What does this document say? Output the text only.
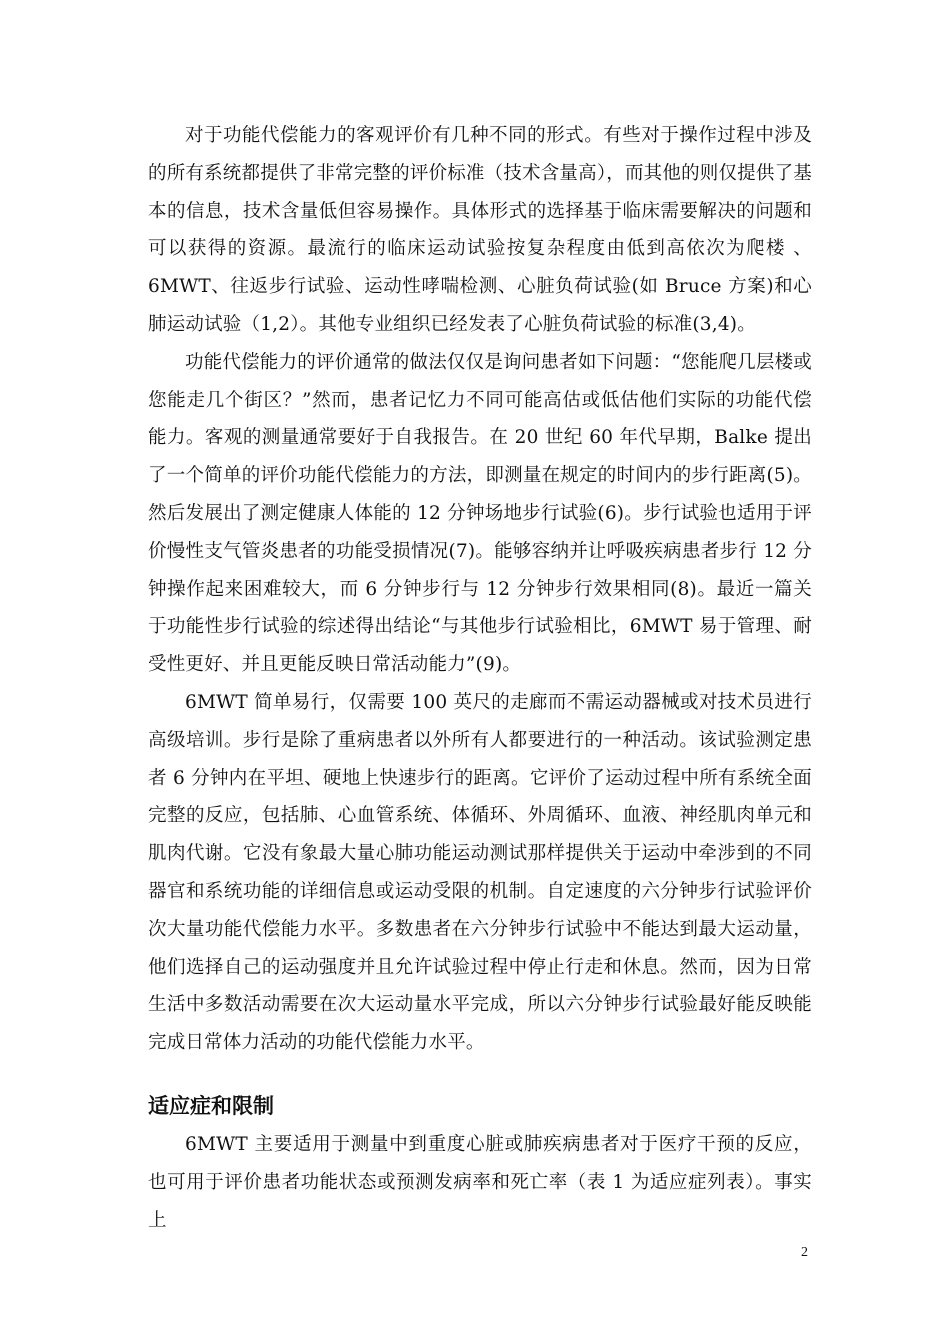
对于功能代偿能力的客观评价有几种不同的形式。有些对于操作过程中涉及的所有系统都提供了非常完整的评价标准（技术含量高），而其他的则仅提供了基本的信息，技术含量低但容易操作。具体形式的选择基于临床需要解决的问题和可以获得的资源。最流行的临床运动试验按复杂程度由低到高依次为爬楼 、6MWT、往返步行试验、运动性哮喘检测、心脏负荷试验(如 Bruce 方案)和心肺运动试验（1,2）。其他专业组织已经发表了心脏负荷试验的标准(3,4)。

功能代偿能力的评价通常的做法仅仅是询问患者如下问题：“您能爬几层楼或您能走几个街区？”然而，患者记忆力不同可能高估或低估他们实际的功能代偿能力。客观的测量通常要好于自我报告。在 20 世纪 60 年代早期，Balke 提出了一个简单的评价功能代偿能力的方法，即测量在规定的时间内的步行距离(5)。然后发展出了测定健康人体能的 12 分钟场地步行试验(6)。步行试验也适用于评价慢性支气管炎患者的功能受损情况(7)。能够容纳并让呼吸疾病患者步行 12 分钟操作起来困难较大，而 6 分钟步行与 12 分钟步行效果相同(8)。最近一篇关于功能性步行试验的综述得出结论“与其他步行试验相比，6MWT 易于管理、耐受性更好、并且更能反映日常活动能力”(9)。

6MWT 简单易行，仅需要 100 英尺的走廊而不需运动器械或对技术员进行高级培训。步行是除了重病患者以外所有人都要进行的一种活动。该试验测定患者 6 分钟内在平坦、硬地上快速步行的距离。它评价了运动过程中所有系统全面完整的反应，包括肺、心血管系统、体循环、外周循环、血液、神经肌肉单元和肌肉代谢。它没有象最大量心肺功能运动测试那样提供关于运动中牵涉到的不同器官和系统功能的详细信息或运动受限的机制。自定速度的六分钟步行试验评价次大量功能代偿能力水平。多数患者在六分钟步行试验中不能达到最大运动量，他们选择自己的运动强度并且允许试验过程中停止行走和休息。然而，因为日常生活中多数活动需要在次大运动量水平完成，所以六分钟步行试验最好能反映能完成日常体力活动的功能代偿能力水平。

适应症和限制

6MWT 主要适用于测量中到重度心脏或肺疾病患者对于医疗干预的反应，也可用于评价患者功能状态或预测发病率和死亡率（表 1 为适应症列表）。事实上

2
